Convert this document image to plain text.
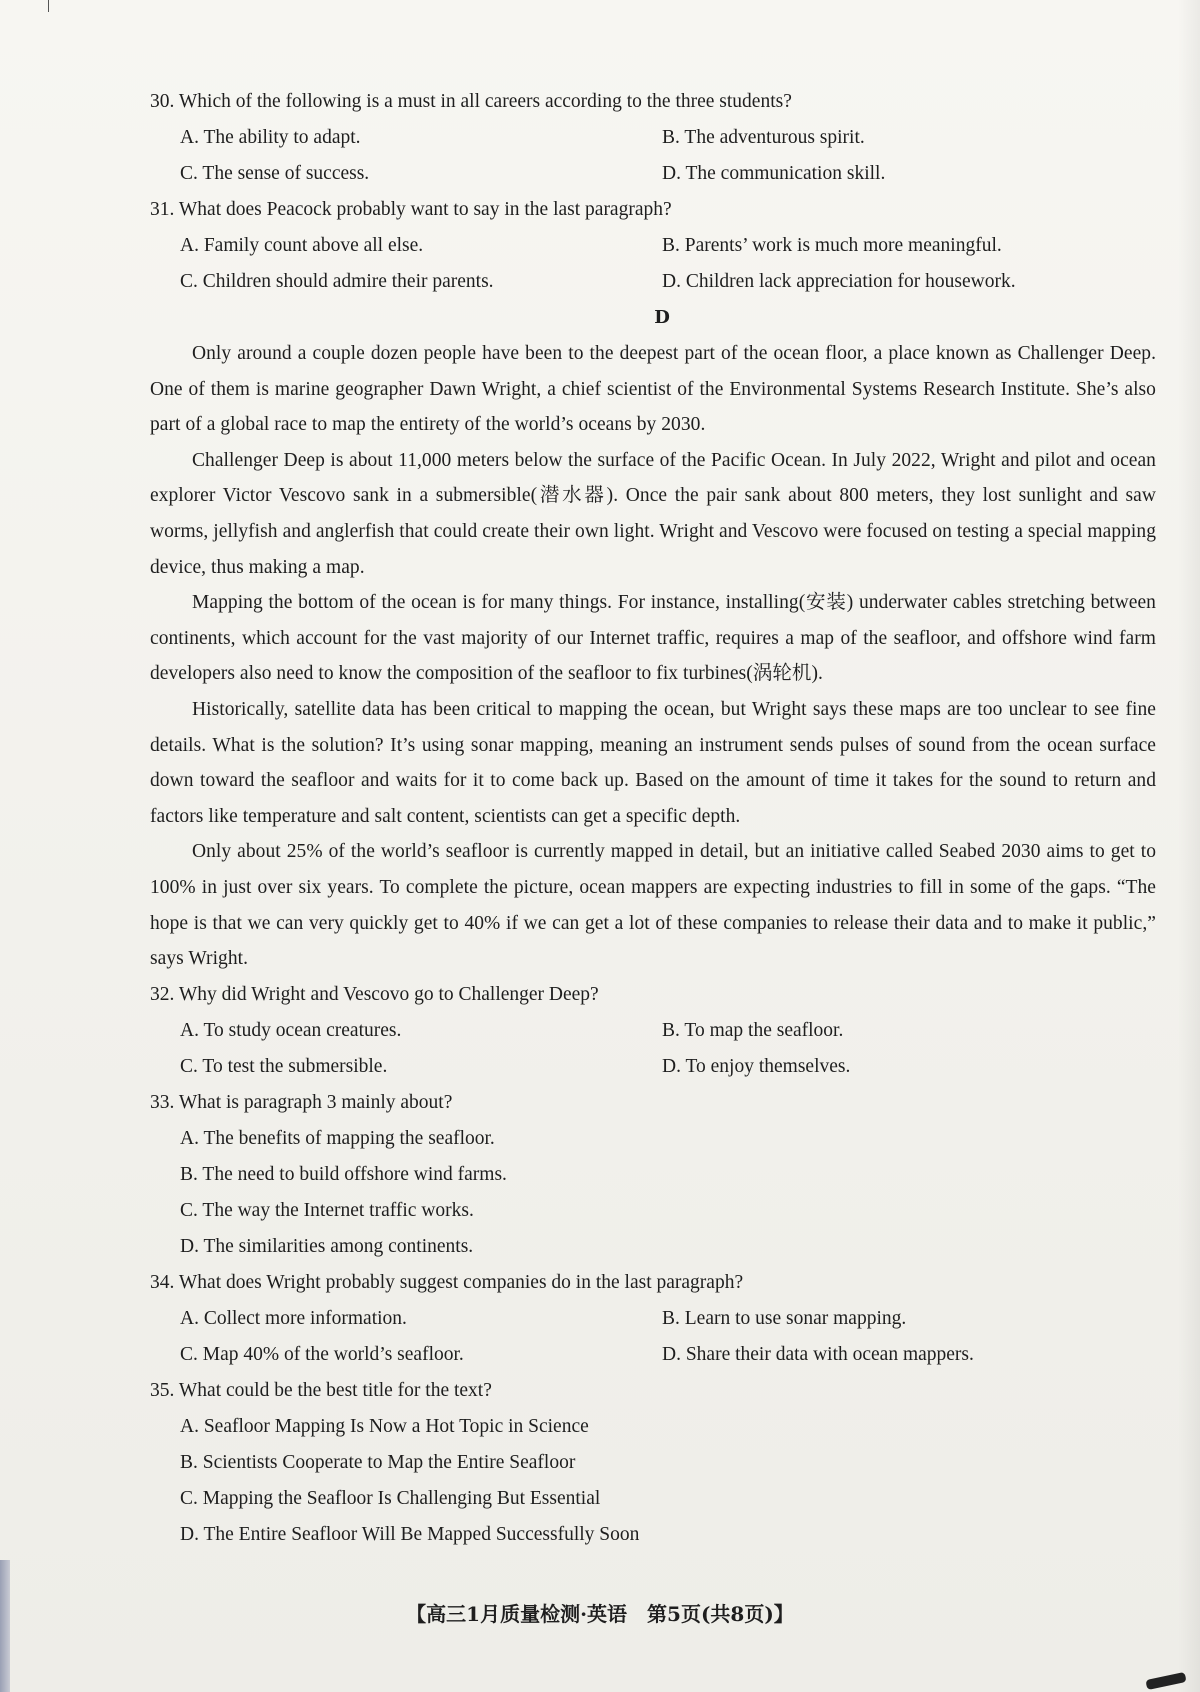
30. Which of the following is a must in all careers according to the three students?
A. The ability to adapt.	B. The adventurous spirit.
C. The sense of success.	D. The communication skill.
31. What does Peacock probably want to say in the last paragraph?
A. Family count above all else.	B. Parents’ work is much more meaningful.
C. Children should admire their parents.	D. Children lack appreciation for housework.
D

Only around a couple dozen people have been to the deepest part of the ocean floor, a place known as Challenger Deep. One of them is marine geographer Dawn Wright, a chief scientist of the Environmental Systems Research Institute. She’s also part of a global race to map the entirety of the world’s oceans by 2030.

Challenger Deep is about 11,000 meters below the surface of the Pacific Ocean. In July 2022, Wright and pilot and ocean explorer Victor Vescovo sank in a submersible(潜水器). Once the pair sank about 800 meters, they lost sunlight and saw worms, jellyfish and anglerfish that could create their own light. Wright and Vescovo were focused on testing a special mapping device, thus making a map.

Mapping the bottom of the ocean is for many things. For instance, installing(安装) underwater cables stretching between continents, which account for the vast majority of our Internet traffic, requires a map of the seafloor, and offshore wind farm developers also need to know the composition of the seafloor to fix turbines(涡轮机).

Historically, satellite data has been critical to mapping the ocean, but Wright says these maps are too unclear to see fine details. What is the solution? It’s using sonar mapping, meaning an instrument sends pulses of sound from the ocean surface down toward the seafloor and waits for it to come back up. Based on the amount of time it takes for the sound to return and factors like temperature and salt content, scientists can get a specific depth.

Only about 25% of the world’s seafloor is currently mapped in detail, but an initiative called Seabed 2030 aims to get to 100% in just over six years. To complete the picture, ocean mappers are expecting industries to fill in some of the gaps. “The hope is that we can very quickly get to 40% if we can get a lot of these companies to release their data and to make it public,” says Wright.

32. Why did Wright and Vescovo go to Challenger Deep?
A. To study ocean creatures.	B. To map the seafloor.
C. To test the submersible.	D. To enjoy themselves.
33. What is paragraph 3 mainly about?
A. The benefits of mapping the seafloor.
B. The need to build offshore wind farms.
C. The way the Internet traffic works.
D. The similarities among continents.
34. What does Wright probably suggest companies do in the last paragraph?
A. Collect more information.	B. Learn to use sonar mapping.
C. Map 40% of the world’s seafloor.	D. Share their data with ocean mappers.
35. What could be the best title for the text?
A. Seafloor Mapping Is Now a Hot Topic in Science
B. Scientists Cooperate to Map the Entire Seafloor
C. Mapping the Seafloor Is Challenging But Essential
D. The Entire Seafloor Will Be Mapped Successfully Soon
【高三1月质量检测·英语　第5页(共8页)】
